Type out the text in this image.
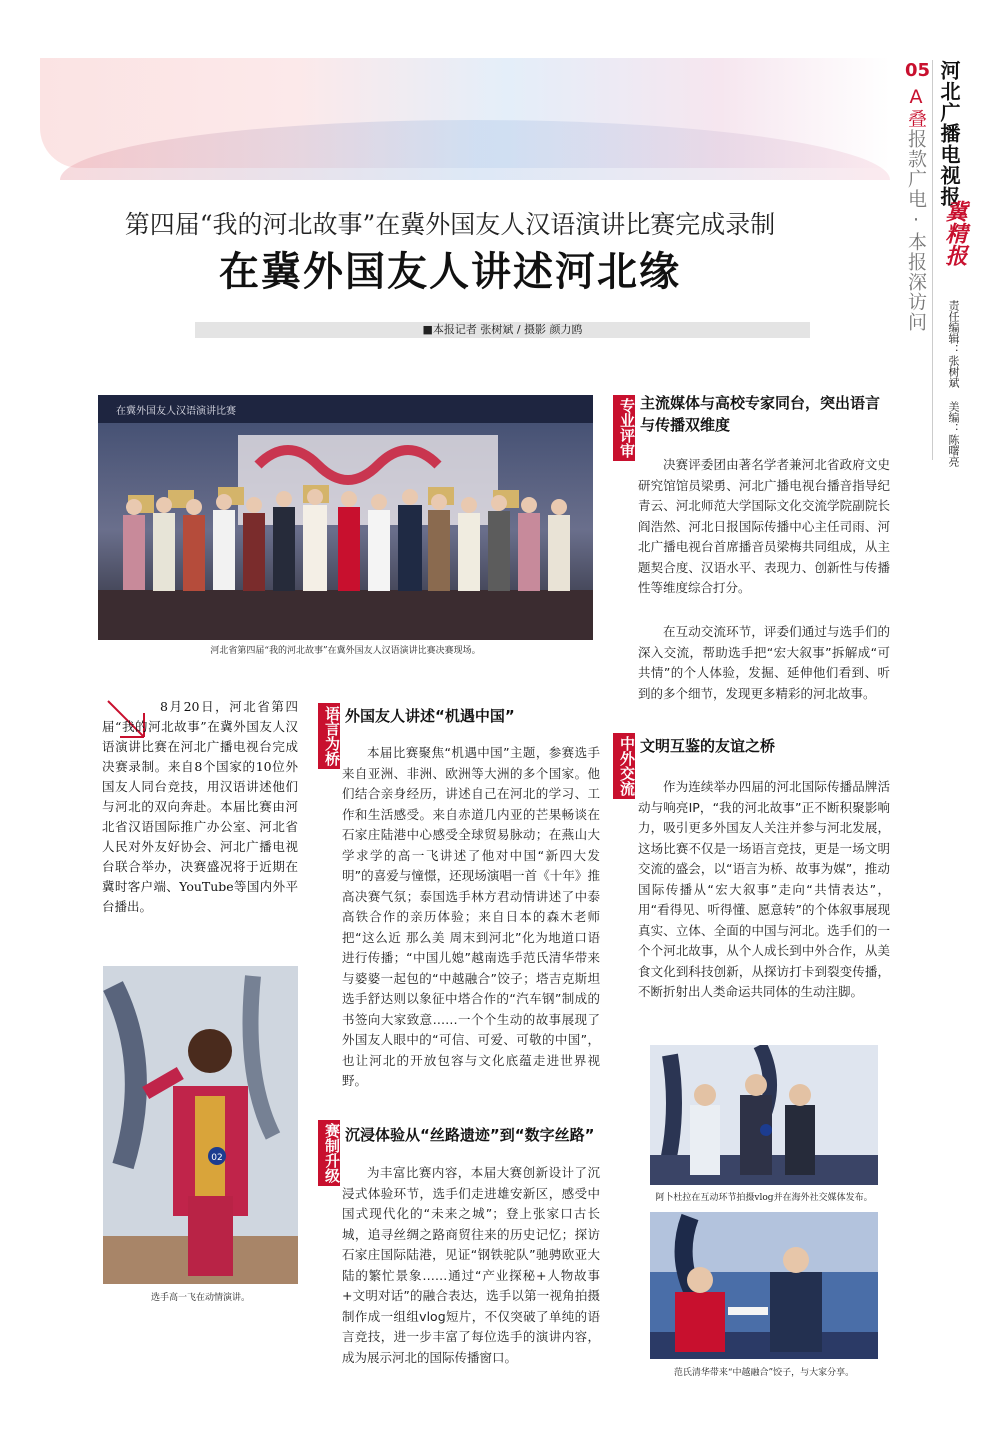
05 河北广播电视报
冀精报
A叠报款广电·本报深访问
责任编辑：张树斌 美编：陈曙亮
第四届“我的河北故事”在冀外国友人汉语演讲比赛完成录制
在冀外国友人讲述河北缘
■本报记者 张树斌 / 摄影 颜力鸥
在冀外国友人汉语演讲比赛
河北省第四届“我的河北故事”在冀外国友人汉语演讲比赛决赛现场。
8月20日，河北省第四届“我的河北故事”在冀外国友人汉语演讲比赛在河北广播电视台完成决赛录制。来自8个国家的10位外国友人同台竞技，用汉语讲述他们与河北的双向奔赴。本届比赛由河北省汉语国际推广办公室、河北省人民对外友好协会、河北广播电视台联合举办，决赛盛况将于近期在冀时客户端、YouTube等国内外平台播出。
02
选手高一飞在动情演讲。
语言为桥 外国友人讲述“机遇中国”
本届比赛聚焦“机遇中国”主题，参赛选手来自亚洲、非洲、欧洲等大洲的多个国家。他们结合亲身经历，讲述自己在河北的学习、工作和生活感受。来自赤道几内亚的芒果畅谈在石家庄陆港中心感受全球贸易脉动；在燕山大学求学的高一飞讲述了他对中国“新四大发明”的喜爱与憧憬，还现场演唱一首《十年》推高决赛气氛；泰国选手林方君动情讲述了中泰高铁合作的亲历体验；来自日本的森木老师把“这么近 那么美 周末到河北”化为地道口语进行传播；“中国儿媳”越南选手范氏清华带来与婆婆一起包的“中越融合”饺子；塔吉克斯坦选手舒达则以象征中塔合作的“汽车钢”制成的书签向大家致意……一个个生动的故事展现了外国友人眼中的“可信、可爱、可敬的中国”，也让河北的开放包容与文化底蕴走进世界视野。
赛制升级 沉浸体验从“丝路遗迹”到“数字丝路”
为丰富比赛内容，本届大赛创新设计了沉浸式体验环节，选手们走进雄安新区，感受中国式现代化的“未来之城”；登上张家口古长城，追寻丝绸之路商贸往来的历史记忆；探访石家庄国际陆港，见证“钢铁驼队”驰骋欧亚大陆的繁忙景象……通过“产业探秘+人物故事+文明对话”的融合表达，选手以第一视角拍摄制作成一组组vlog短片，不仅突破了单纯的语言竞技，进一步丰富了每位选手的演讲内容，成为展示河北的国际传播窗口。
专业评审 主流媒体与高校专家同台，突出语言与传播双维度
决赛评委团由著名学者兼河北省政府文史研究馆馆员梁勇、河北广播电视台播音指导纪青云、河北师范大学国际文化交流学院副院长阎浩然、河北日报国际传播中心主任司雨、河北广播电视台首席播音员梁梅共同组成，从主题契合度、汉语水平、表现力、创新性与传播性等维度综合打分。
在互动交流环节，评委们通过与选手们的深入交流，帮助选手把“宏大叙事”拆解成“可共情”的个人体验，发掘、延伸他们看到、听到的多个细节，发现更多精彩的河北故事。
中外交流 文明互鉴的友谊之桥
作为连续举办四届的河北国际传播品牌活动与响亮IP，“我的河北故事”正不断积聚影响力，吸引更多外国友人关注并参与河北发展，这场比赛不仅是一场语言竞技，更是一场文明交流的盛会，以“语言为桥、故事为媒”，推动国际传播从“宏大叙事”走向“共情表达”，用“看得见、听得懂、愿意转”的个体叙事展现真实、立体、全面的中国与河北。选手们的一个个河北故事，从个人成长到中外合作，从美食文化到科技创新，从探访打卡到裂变传播，不断折射出人类命运共同体的生动注脚。
阿卜杜拉在互动环节拍摄vlog并在海外社交媒体发布。
范氏清华带来“中越融合”饺子，与大家分享。
